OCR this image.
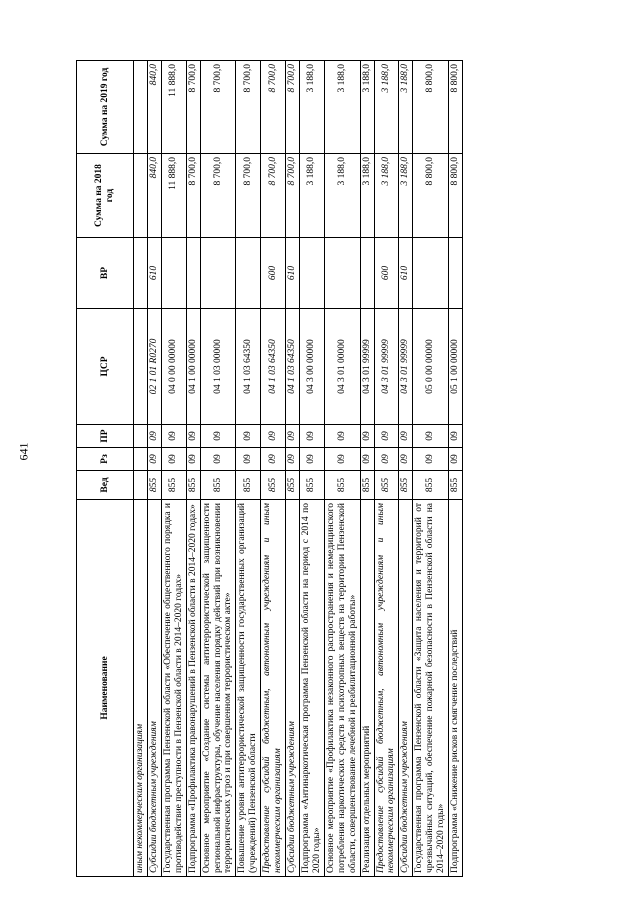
641
Наименование	Вед	Рз	ПР	ЦСР	ВР	Сумма на 2018 год	Сумма на 2019 год
иным некоммерческим организациям							
Субсидии бюджетным учреждениям	855	09	09	02 1 01 R0270	610	840,0	840,0
Государственная программа Пензенской области «Обеспечение общественного порядка и противодействие преступности в Пензенской области в 2014–2020 годах»	855	09	09	04 0 00 00000		11 888,0	11 888,0
Подпрограмма «Профилактика правонарушений в Пензенской области в 2014–2020 годах»	855	09	09	04 1 00 00000		8 700,0	8 700,0
Основное мероприятие «Создание системы антитеррористической защищенности региональной инфраструктуры, обучение населения порядку действий при возникновении террористических угроз и при совершенном террористическом акте»	855	09	09	04 1 03 00000		8 700,0	8 700,0
Повышение уровня антитеррористической защищенности государственных организаций (учреждений) Пензенской области	855	09	09	04 1 03 64350		8 700,0	8 700,0
Предоставление субсидий бюджетным, автономным учреждениям и иным некоммерческим организациям	855	09	09	04 1 03 64350	600	8 700,0	8 700,0
Субсидии бюджетным учреждениям	855	09	09	04 1 03 64350	610	8 700,0	8 700,0
Подпрограмма «Антинаркотическая программа Пензенской области на период с 2014 по 2020 годы»	855	09	09	04 3 00 00000		3 188,0	3 188,0
Основное мероприятие «Профилактика незаконного распространения и немедицинского потребления наркотических средств и психотропных веществ на территории Пензенской области, совершенствование лечебной и реабилитационной работы»	855	09	09	04 3 01 00000		3 188,0	3 188,0
Реализация отдельных мероприятий	855	09	09	04 3 01 99999		3 188,0	3 188,0
Предоставление субсидий бюджетным, автономным учреждениям и иным некоммерческим организациям	855	09	09	04 3 01 99999	600	3 188,0	3 188,0
Субсидии бюджетным учреждениям	855	09	09	04 3 01 99999	610	3 188,0	3 188,0
Государственная программа Пензенской области «Защита населения и территорий от чрезвычайных ситуаций, обеспечение пожарной безопасности в Пензенской области на 2014–2020 годы»	855	09	09	05 0 00 00000		8 800,0	8 800,0
Подпрограмма «Снижение рисков и смягчение последствий	855	09	09	05 1 00 00000		8 800,0	8 800,0
